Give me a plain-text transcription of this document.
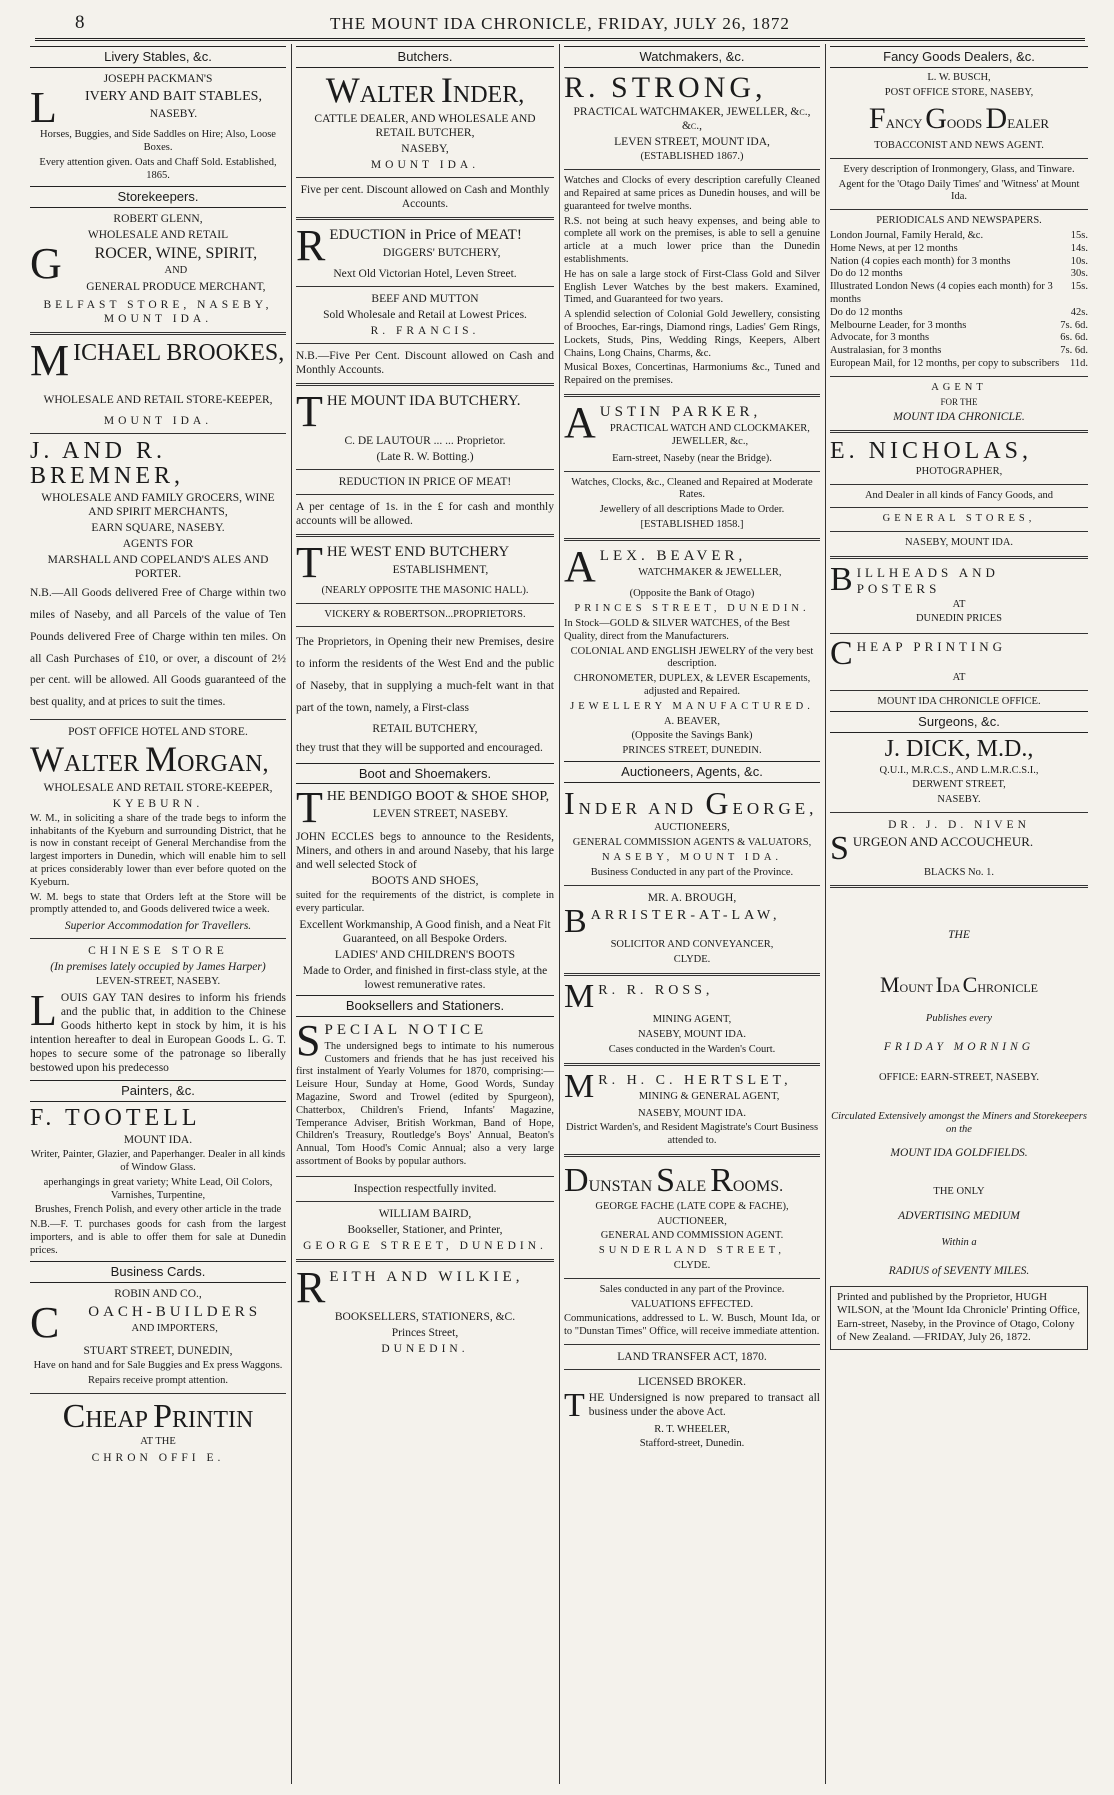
8	THE MOUNT IDA CHRONICLE, FRIDAY, JULY 26, 1872
Livery Stables, &c.

JOSEPH PACKMAN'S

L	IVERY AND BAIT STABLES,

NASEBY.

Horses, Buggies, and Side Saddles on Hire; Also, Loose Boxes.

Every attention given. Oats and Chaff Sold. Established, 1865.

Storekeepers.

ROBERT GLENN,

WHOLESALE AND RETAIL

G	ROCER, WINE, SPIRIT,

AND

GENERAL PRODUCE MERCHANT,

BELFAST STORE, NASEBY, MOUNT IDA.

M ICHAEL BROOKES,

WHOLESALE AND RETAIL STORE-KEEPER,

MOUNT IDA.

J. AND R. BREMNER,

WHOLESALE AND FAMILY GROCERS, WINE AND SPIRIT MERCHANTS,

EARN SQUARE, NASEBY.

AGENTS FOR

MARSHALL AND COPELAND'S ALES AND PORTER.

N.B.—All Goods delivered Free of Charge within two miles of Naseby, and all Parcels of the value of Ten Pounds delivered Free of Charge within ten miles. On all Cash Purchases of £10, or over, a discount of 2½ per cent. will be allowed. All Goods guaranteed of the best quality, and at prices to suit the times.

POST OFFICE HOTEL AND STORE.

WALTER MORGAN,

WHOLESALE AND RETAIL STORE-KEEPER,

KYEBURN.

W. M., in soliciting a share of the trade begs to inform the inhabitants of the Kyeburn and surrounding District, that he is now in constant receipt of General Merchandise from the largest importers in Dunedin, which will enable him to sell at prices considerably lower than ever before quoted on the Kyeburn.

W. M. begs to state that Orders left at the Store will be promptly attended to, and Goods delivered twice a week.

Superior Accommodation for Travellers.

CHINESE STORE

(In premises lately occupied by James Harper)

LEVEN-STREET, NASEBY.

L OUIS GAY TAN desires to inform his friends and the public that, in addition to the Chinese Goods hitherto kept in stock by him, it is his intention hereafter to deal in European Goods L. G. T. hopes to secure some of the patronage so liberally bestowed upon his predecesso

Painters, &c.

F. TOOTELL

MOUNT IDA.

Writer, Painter, Glazier, and Paperhanger. Dealer in all kinds of Window Glass.

aperhangings in great variety; White Lead, Oil Colors, Varnishes, Turpentine,

Brushes, French Polish, and every other article in the trade

N.B.—F. T. purchases goods for cash from the largest importers, and is able to offer them for sale at Dunedin prices.

Business Cards.

ROBIN AND CO.,

C	OACH-BUILDERS

AND IMPORTERS,

STUART STREET, DUNEDIN,

Have on hand and for Sale Buggies and Ex press Waggons.

Repairs receive prompt attention.

CHEAP PRINTIN

AT THE

CHRON OFFI E.

Butchers.

WALTER INDER,

CATTLE DEALER, AND WHOLESALE AND RETAIL BUTCHER,

NASEBY,

MOUNT IDA.

Five per cent. Discount allowed on Cash and Monthly Accounts.

R EDUCTION in Price of MEAT!

DIGGERS' BUTCHERY,

Next Old Victorian Hotel, Leven Street.

BEEF AND MUTTON

Sold Wholesale and Retail at Lowest Prices.

R. FRANCIS.

N.B.—Five Per Cent. Discount allowed on Cash and Monthly Accounts.

T HE MOUNT IDA BUTCHERY.

C. DE LAUTOUR ... ... Proprietor.

(Late R. W. Botting.)

REDUCTION IN PRICE OF MEAT!

A per centage of 1s. in the £ for cash and monthly accounts will be allowed.

T HE WEST END BUTCHERY

ESTABLISHMENT,

(NEARLY OPPOSITE THE MASONIC HALL).

VICKERY & ROBERTSON...PROPRIETORS.

The Proprietors, in Opening their new Premises, desire to inform the residents of the West End and the public of Naseby, that in supplying a much-felt want in that part of the town, namely, a First-class

RETAIL BUTCHERY,

they trust that they will be supported and encouraged.

Boot and Shoemakers.
T HE BENDIGO BOOT & SHOE SHOP,

LEVEN STREET, NASEBY.

JOHN ECCLES begs to announce to the Residents, Miners, and others in and around Naseby, that his large and well selected Stock of

BOOTS AND SHOES,

suited for the requirements of the district, is complete in every particular.

Excellent Workmanship, A Good finish, and a Neat Fit Guaranteed, on all Bespoke Orders.

LADIES' AND CHILDREN'S BOOTS

Made to Order, and finished in first-class style, at the lowest remunerative rates.

Booksellers and Stationers.
S PECIAL NOTICE

The undersigned begs to intimate to his numerous Customers and friends that he has just received his first instalment of Yearly Volumes for 1870, comprising:—Leisure Hour, Sunday at Home, Good Words, Sunday Magazine, Sword and Trowel (edited by Spurgeon), Chatterbox, Children's Friend, Infants' Magazine, Temperance Adviser, British Workman, Band of Hope, Children's Treasury, Routledge's Boys' Annual, Beaton's Annual, Tom Hood's Comic Annual; also a very large assortment of Books by popular authors.

Inspection respectfully invited.

WILLIAM BAIRD,

Bookseller, Stationer, and Printer,

GEORGE STREET, DUNEDIN.

R EITH AND WILKIE,

BOOKSELLERS, STATIONERS, &C.

Princes Street,

DUNEDIN.

Watchmakers, &c.

R. STRONG,

PRACTICAL WATCHMAKER, JEWELLER, &c., &c.,

LEVEN STREET, MOUNT IDA,

(ESTABLISHED 1867.)

Watches and Clocks of every description carefully Cleaned and Repaired at same prices as Dunedin houses, and will be guaranteed for twelve months.

R.S. not being at such heavy expenses, and being able to complete all work on the premises, is able to sell a genuine article at a much lower price than the Dunedin establishments.

He has on sale a large stock of First-Class Gold and Silver English Lever Watches by the best makers. Examined, Timed, and Guaranteed for two years.

A splendid selection of Colonial Gold Jewellery, consisting of Brooches, Ear-rings, Diamond rings, Ladies' Gem Rings, Lockets, Studs, Pins, Wedding Rings, Keepers, Albert Chains, Long Chains, Charms, &c.

Musical Boxes, Concertinas, Harmoniums &c., Tuned and Repaired on the premises.

A USTIN PARKER,

PRACTICAL WATCH AND CLOCKMAKER, JEWELLER, &c.,

Earn-street, Naseby (near the Bridge).

Watches, Clocks, &c., Cleaned and Repaired at Moderate Rates.

Jewellery of all descriptions Made to Order.

[ESTABLISHED 1858.]

A LEX. BEAVER,

WATCHMAKER & JEWELLER,

(Opposite the Bank of Otago)

PRINCES STREET, DUNEDIN.

In Stock—GOLD & SILVER WATCHES, of the Best Quality, direct from the Manufacturers.

COLONIAL AND ENGLISH JEWELRY of the very best description.

CHRONOMETER, DUPLEX, & LEVER Escapements, adjusted and Repaired.

JEWELLERY MANUFACTURED.

A. BEAVER,

(Opposite the Savings Bank)

PRINCES STREET, DUNEDIN.

Auctioneers, Agents, &c.

INDER AND GEORGE,

AUCTIONEERS,

GENERAL COMMISSION AGENTS & VALUATORS,

NASEBY, MOUNT IDA.

Business Conducted in any part of the Province.

MR. A. BROUGH,

B ARRISTER-AT-LAW,

SOLICITOR AND CONVEYANCER,

CLYDE.

M R. R. ROSS,

MINING AGENT,

NASEBY, MOUNT IDA.

Cases conducted in the Warden's Court.

M R. H. C. HERTSLET,

MINING & GENERAL AGENT,

NASEBY, MOUNT IDA.

District Warden's, and Resident Magistrate's Court Business attended to.

DUNSTAN SALE ROOMS.

GEORGE FACHE (LATE COPE & FACHE),

AUCTIONEER,

GENERAL AND COMMISSION AGENT.

SUNDERLAND STREET,

CLYDE.

Sales conducted in any part of the Province.

VALUATIONS EFFECTED.

Communications, addressed to L. W. Busch, Mount Ida, or to "Dunstan Times" Office, will receive immediate attention.

LAND TRANSFER ACT, 1870.

LICENSED BROKER.

T HE Undersigned is now prepared to transact all business under the above Act.

R. T. WHEELER,

Stafford-street, Dunedin.

Fancy Goods Dealers, &c.

L. W. BUSCH,

POST OFFICE STORE, NASEBY,

FANCY GOODS DEALER

TOBACCONIST AND NEWS AGENT.

Every description of Ironmongery, Glass, and Tinware.

Agent for the 'Otago Daily Times' and 'Witness' at Mount Ida.

PERIODICALS AND NEWSPAPERS.

London Journal, Family Herald, &c.	15s.
Home News, at per 12 months	14s.
Nation (4 copies each month) for 3 months	10s.
Do do 12 months	30s.
Illustrated London News (4 copies each month) for 3 months
15s.
Do do 12 months	42s.
Melbourne Leader, for 3 months	7s. 6d.
Advocate, for 3 months	6s. 6d.
Australasian, for 3 months	7s. 6d.
European Mail, for 12 months, per copy to subscribers 11d.

AGENT

FOR THE

MOUNT IDA CHRONICLE.

E. NICHOLAS,

PHOTOGRAPHER,

And Dealer in all kinds of Fancy Goods, and

GENERAL STORES,

NASEBY, MOUNT IDA.

B ILLHEADS AND POSTERS

AT

DUNEDIN PRICES

C HEAP PRINTING

AT

MOUNT IDA CHRONICLE OFFICE.

Surgeons, &c.

J. DICK, M.D.,

Q.U.I., M.R.C.S., AND L.M.R.C.S.I.,

DERWENT STREET,

NASEBY.

DR. J. D. NIVEN

S URGEON AND ACCOUCHEUR.

BLACKS No. 1.

THE

MOUNT IDA CHRONICLE

Publishes every

FRIDAY MORNING

OFFICE: EARN-STREET, NASEBY.

Circulated Extensively amongst the Miners and Storekeepers on the

MOUNT IDA GOLDFIELDS.

THE ONLY

ADVERTISING MEDIUM

Within a

RADIUS of SEVENTY MILES.

Printed and published by the Proprietor, HUGH WILSON, at the 'Mount Ida Chronicle' Printing Office, Earn-street, Naseby, in the Province of Otago, Colony of New Zealand. —FRIDAY, July 26, 1872.
